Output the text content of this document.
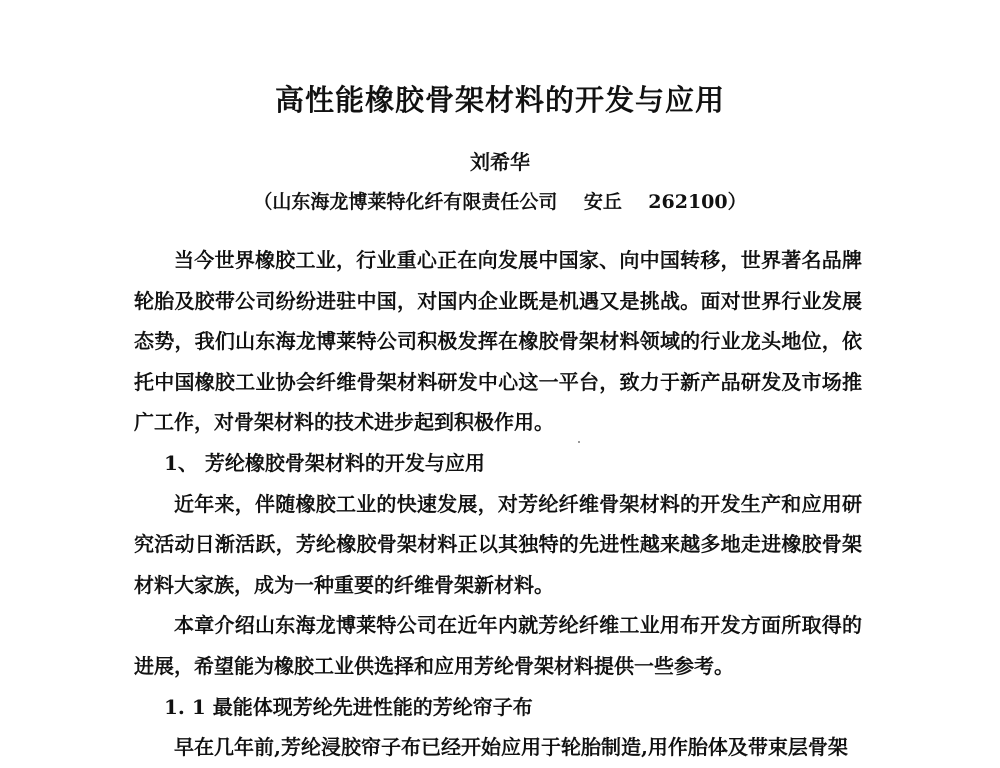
高性能橡胶骨架材料的开发与应用
刘希华
（山东海龙博莱特化纤有限责任公司    安丘    262100）

当今世界橡胶工业，行业重心正在向发展中国家、向中国转移，世界著名品牌轮胎及胶带公司纷纷进驻中国，对国内企业既是机遇又是挑战。面对世界行业发展态势，我们山东海龙博莱特公司积极发挥在橡胶骨架材料领域的行业龙头地位，依托中国橡胶工业协会纤维骨架材料研发中心这一平台，致力于新产品研发及市场推广工作，对骨架材料的技术进步起到积极作用。

1、 芳纶橡胶骨架材料的开发与应用

近年来，伴随橡胶工业的快速发展，对芳纶纤维骨架材料的开发生产和应用研究活动日渐活跃，芳纶橡胶骨架材料正以其独特的先进性越来越多地走进橡胶骨架材料大家族，成为一种重要的纤维骨架新材料。

本章介绍山东海龙博莱特公司在近年内就芳纶纤维工业用布开发方面所取得的进展，希望能为橡胶工业供选择和应用芳纶骨架材料提供一些参考。

1. 1 最能体现芳纶先进性能的芳纶帘子布

早在几年前,芳纶浸胶帘子布已经开始应用于轮胎制造,用作胎体及带束层骨架
